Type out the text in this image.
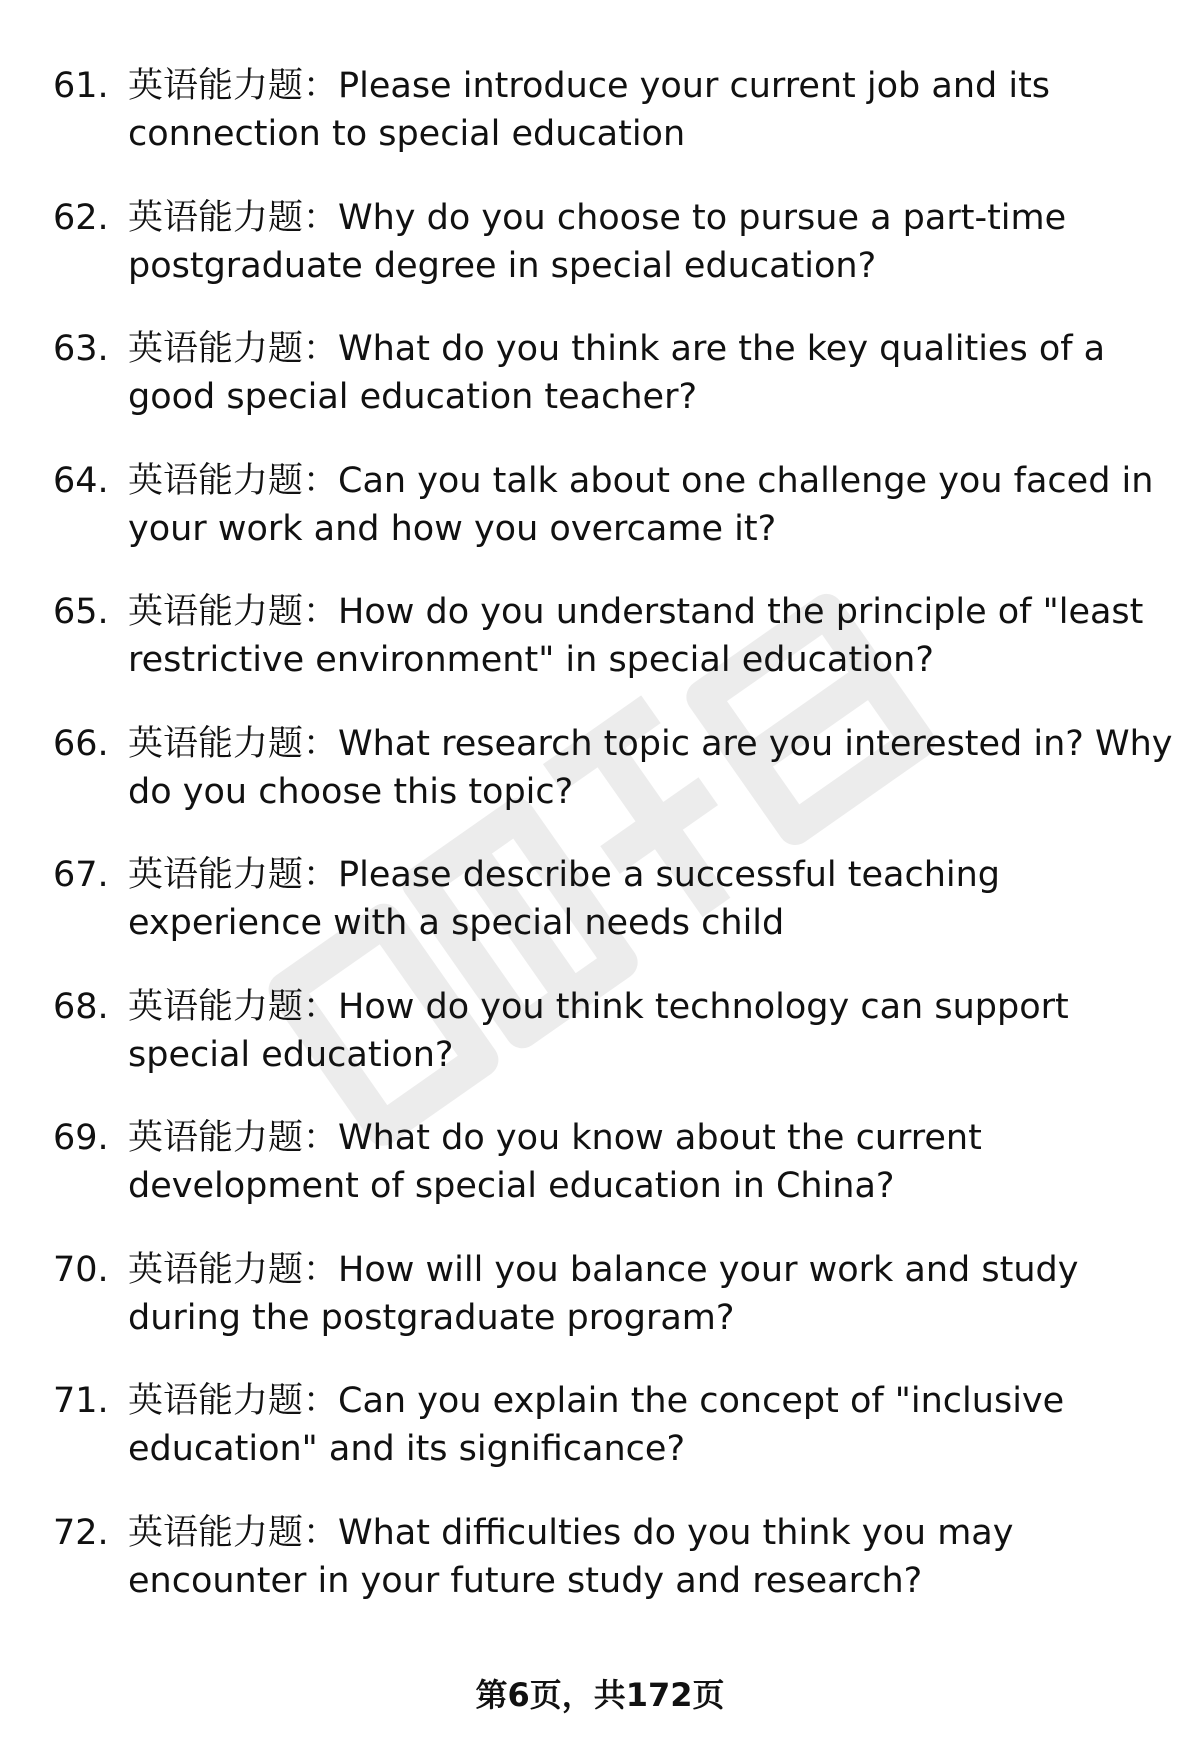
61. 英语能力题：Please introduce your current job and its connection to special education
62. 英语能力题：Why do you choose to pursue a part-time postgraduate degree in special education?
63. 英语能力题：What do you think are the key qualities of a good special education teacher?
64. 英语能力题：Can you talk about one challenge you faced in your work and how you overcame it?
65. 英语能力题：How do you understand the principle of "least restrictive environment" in special education?
66. 英语能力题：What research topic are you interested in? Why do you choose this topic?
67. 英语能力题：Please describe a successful teaching experience with a special needs child
68. 英语能力题：How do you think technology can support special education?
69. 英语能力题：What do you know about the current development of special education in China?
70. 英语能力题：How will you balance your work and study during the postgraduate program?
71. 英语能力题：Can you explain the concept of "inclusive education" and its significance?
72. 英语能力题：What difficulties do you think you may encounter in your future study and research?
第6页，共172页
